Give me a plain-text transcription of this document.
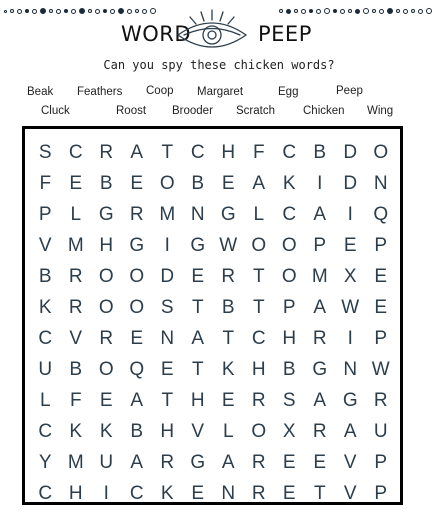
WORD	PEEP
Can you spy these chicken words?
Beak Feathers Coop Margaret	Egg	Peep
Cluck	Roost Brooder Scratch Chicken Wing
S C R A T C H F C B D O
F E B E O B E A K	I	D N
P L G R M N G L C A	I	Q
V M H G	I	G W O O P E P
B R O O D E R T O M X E
K R O O S T B T P A W E
C V R E N A T C H R	I	P
U B O Q E T K H B G N W
L	F E A T H E R S A G R
C K K B H V L O X R A U
Y M U A R G A R E E V P
C H	I	C K E N R E T V P
